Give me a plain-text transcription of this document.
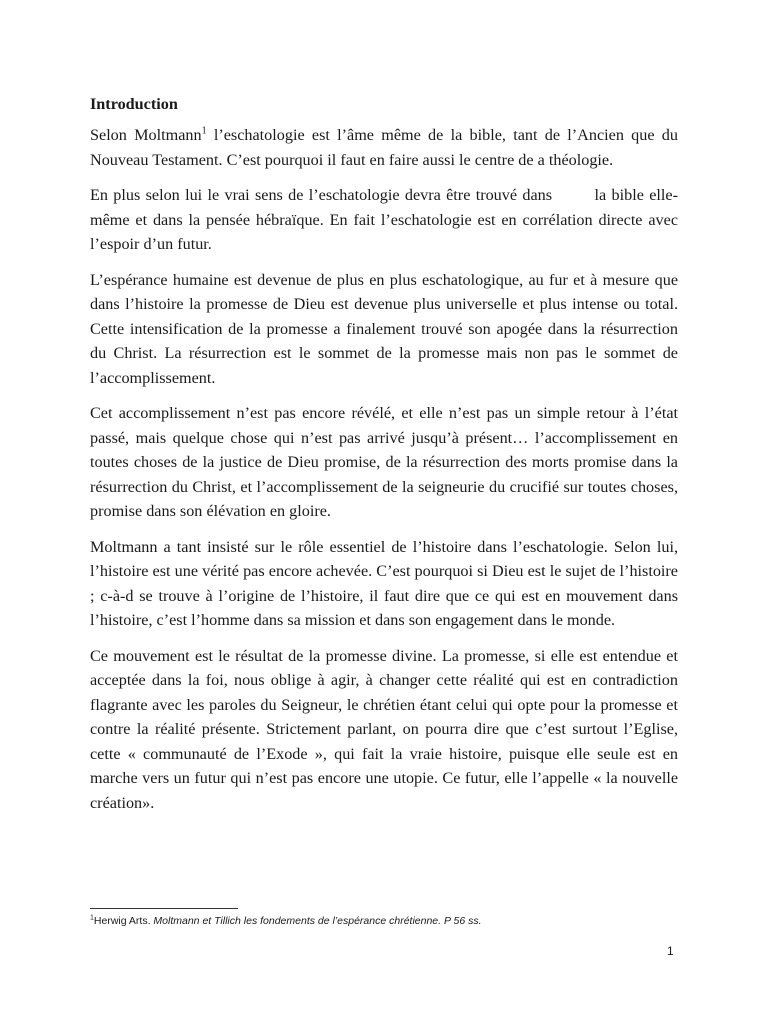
Introduction

Selon Moltmann$^1$ l’eschatologie est l’âme même de la bible, tant de l’Ancien que du Nouveau Testament. C’est pourquoi il faut en faire aussi le centre de a théologie.

En plus selon lui le vrai sens de l’eschatologie devra être trouvé dans        la bible elle-même et dans la pensée hébraïque. En fait l’eschatologie est en corrélation directe avec l’espoir d’un futur.

L’espérance humaine est devenue de plus en plus eschatologique, au fur et à mesure que dans l’histoire la promesse de Dieu est devenue plus universelle et plus intense ou total. Cette intensification de la promesse a finalement trouvé son apogée dans la résurrection du Christ. La résurrection est le sommet de la promesse mais non pas le sommet de l’accomplissement.

Cet accomplissement n’est pas encore révélé, et elle n’est pas un simple retour à l’état passé, mais quelque chose qui n’est pas arrivé jusqu’à présent… l’accomplissement en toutes choses de la justice de Dieu promise, de la résurrection des morts promise dans la résurrection du Christ, et l’accomplissement de la seigneurie du crucifié sur toutes choses, promise dans son élévation en gloire.

Moltmann a tant insisté sur le rôle essentiel de l’histoire dans l’eschatologie. Selon lui, l’histoire est une vérité pas encore achevée. C’est pourquoi si Dieu est le sujet de l’histoire ; c-à-d se trouve à l’origine de l’histoire, il faut dire que ce qui est en mouvement dans l’histoire, c’est l’homme dans sa mission et dans son engagement dans le monde.

Ce mouvement est le résultat de la promesse divine. La promesse, si elle est entendue et acceptée dans la foi, nous oblige à agir, à changer cette réalité qui est en contradiction flagrante avec les paroles du Seigneur, le chrétien étant celui qui opte pour la promesse et contre la réalité présente. Strictement parlant, on pourra dire que c’est surtout l’Eglise, cette « communauté de l’Exode », qui fait la vraie histoire, puisque elle seule est en marche vers un futur qui n’est pas encore une utopie. Ce futur, elle l’appelle « la nouvelle création».

$^1$Herwig Arts. Moltmann et Tillich les fondements de l’espérance chrétienne. P 56 ss.
1
